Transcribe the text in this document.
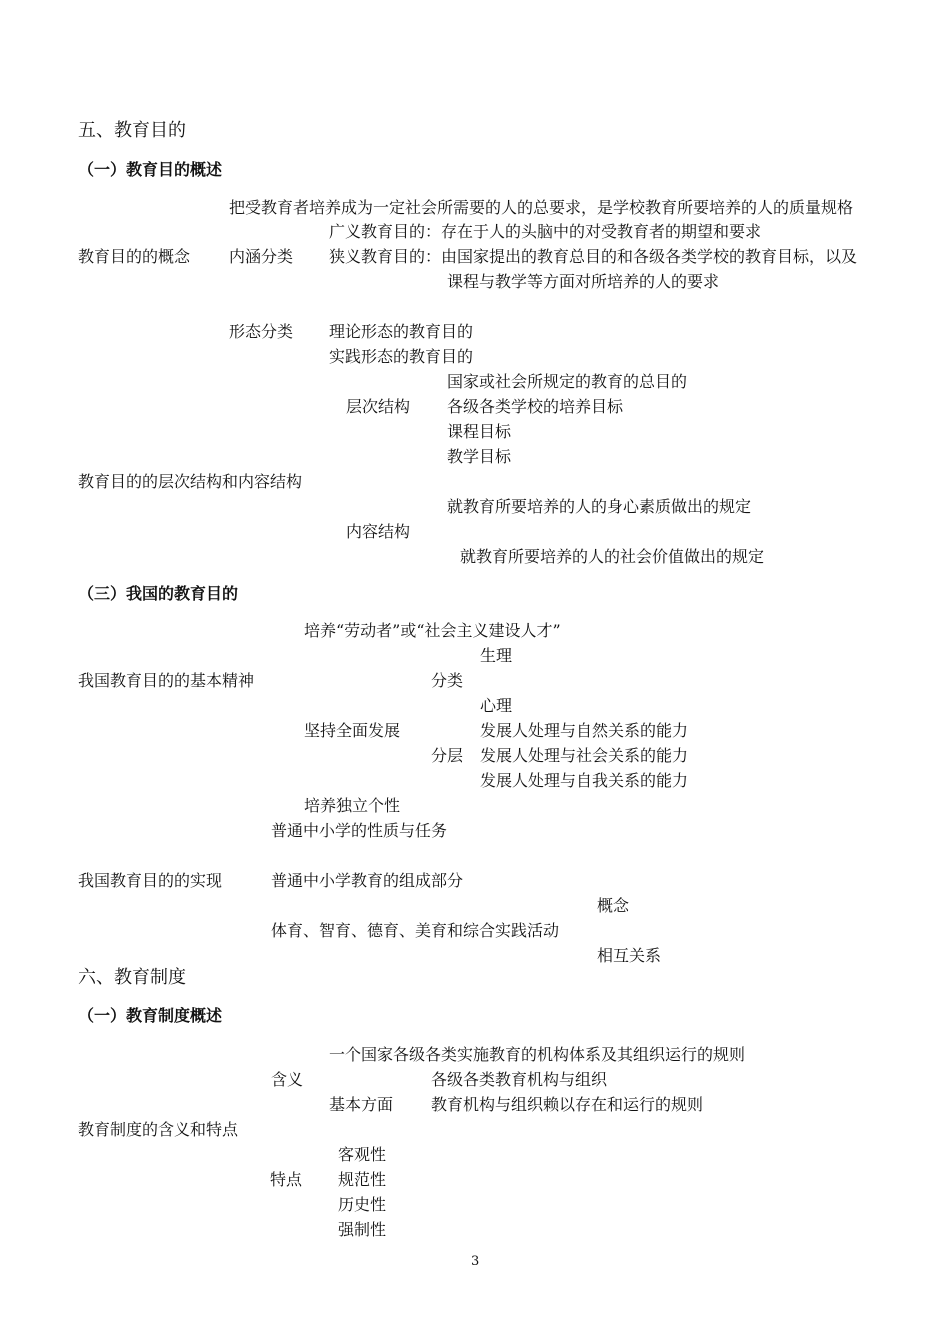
五、教育目的
（一）教育目的概述
把受教育者培养成为一定社会所需要的人的总要求，是学校教育所要培养的人的质量规格
广义教育目的：存在于人的头脑中的对受教育者的期望和要求
教育目的的概念 内涵分类 狭义教育目的：由国家提出的教育总目的和各级各类学校的教育目标，以及
课程与教学等方面对所培养的人的要求
形态分类 理论形态的教育目的
实践形态的教育目的
国家或社会所规定的教育的总目的
层次结构 各级各类学校的培养目标
课程目标
教学目标
教育目的的层次结构和内容结构
就教育所要培养的人的身心素质做出的规定
内容结构
就教育所要培养的人的社会价值做出的规定
（三）我国的教育目的
培养“劳动者”或“社会主义建设人才”
生理
我国教育目的的基本精神	分类
心理
坚持全面发展	发展人处理与自然关系的能力
分层 发展人处理与社会关系的能力
发展人处理与自我关系的能力
培养独立个性
普通中小学的性质与任务
我国教育目的的实现	普通中小学教育的组成部分
概念
体育、智育、德育、美育和综合实践活动
相互关系
六、教育制度
（一）教育制度概述
一个国家各级各类实施教育的机构体系及其组织运行的规则
含义	各级各类教育机构与组织
基本方面 教育机构与组织赖以存在和运行的规则
教育制度的含义和特点
客观性
特点 规范性
历史性
强制性
3
